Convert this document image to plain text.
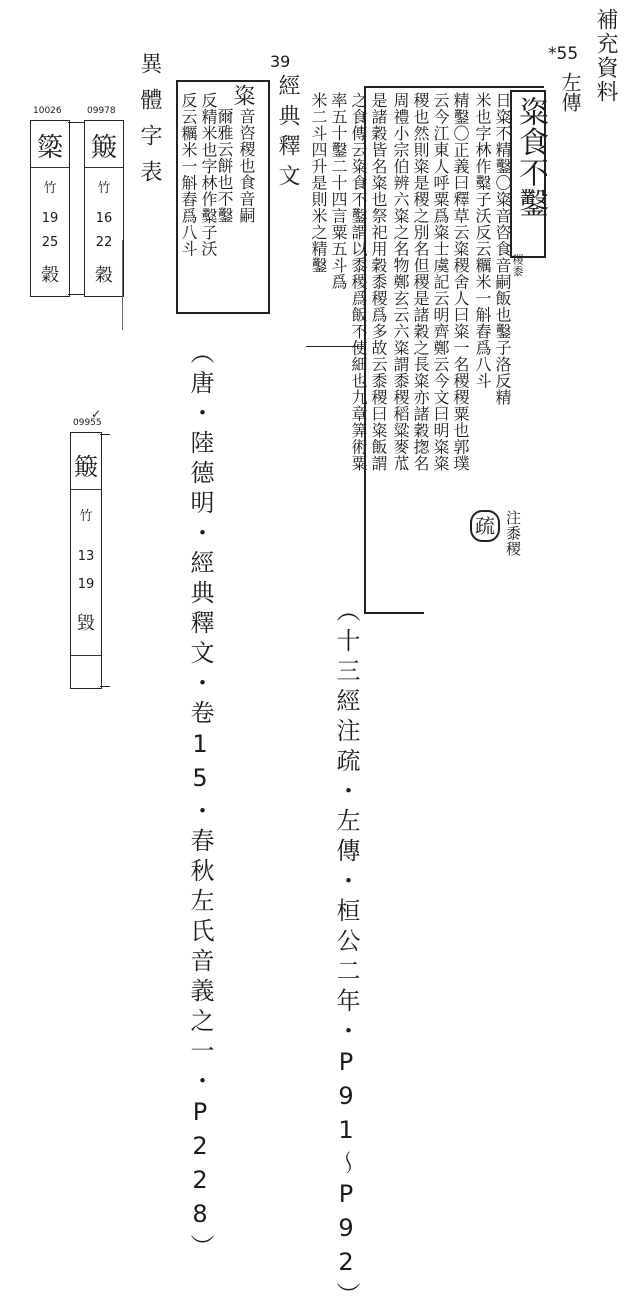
補充資料
*55
左傳
異體字表
10026
簗
竹
19
25
糓
09978
簸
竹
16
22
穀
✓
09955
簸
竹
13
19
毀
39
經典釋文
粢
音咨稷也食音嗣
爾雅云餅也不鑿
反精米也字林作糳子沃
反云糲米一斛舂爲八斗
（唐・陸德明・經典釋文・卷15・春秋左氏音義之一・P228）
粢食不鑿
稷黍
日粢不精鑿〇粢音咨食音嗣飯也鑿子洛反精
米也字林作糳子沃反云糲米一斛舂爲八斗
精鑿〇正義曰釋草云粢稷舍人曰粢一名稷稷粟也郭璞
云今江東人呼粟爲粢士虞記云明齊鄭云今文曰明粢粢
稷也然則粢是稷之別名但稷是諸穀之長粢亦諸穀揔名
周禮小宗伯辨六粢之名物鄭玄云六粢謂黍稷稻粱麥苽
是諸穀皆名粢也祭祀用穀黍稷爲多故云黍稷曰粢飯謂
之食傳云粢食不鑿謂以黍稷爲飯不使細也九章筭術粟
率五十鑿二十四言粟五斗爲
米二斗四升是則米之精鑿
疏 注黍稷
（十三經注疏・左傳・桓公二年・P91～P92）
